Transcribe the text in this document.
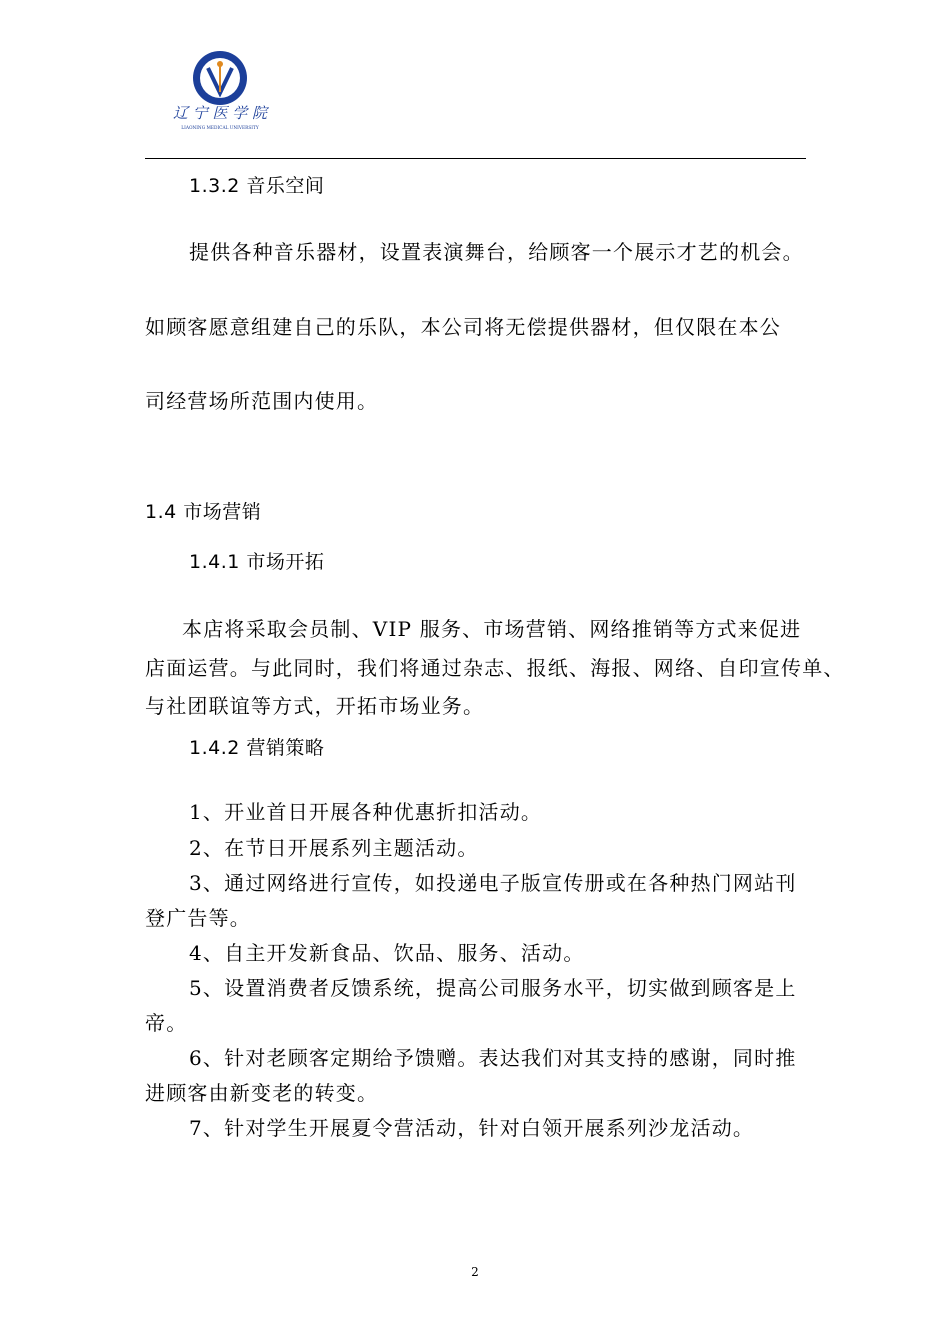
辽 宁 医 学 院
LIAONING MEDICAL UNIVERSITY
1.3.2 音乐空间
提供各种音乐器材，设置表演舞台，给顾客一个展示才艺的机会。
如顾客愿意组建自己的乐队，本公司将无偿提供器材，但仅限在本公
司经营场所范围内使用。
1.4 市场营销
1.4.1 市场开拓
本店将采取会员制、VIP 服务、市场营销、网络推销等方式来促进
店面运营。与此同时，我们将通过杂志、报纸、海报、网络、自印宣传单、
与社团联谊等方式，开拓市场业务。
1.4.2 营销策略
1、开业首日开展各种优惠折扣活动。
2、在节日开展系列主题活动。
3、通过网络进行宣传，如投递电子版宣传册或在各种热门网站刊
登广告等。
4、自主开发新食品、饮品、服务、活动。
5、设置消费者反馈系统，提高公司服务水平，切实做到顾客是上
帝。
6、针对老顾客定期给予馈赠。表达我们对其支持的感谢，同时推
进顾客由新变老的转变。
7、针对学生开展夏令营活动，针对白领开展系列沙龙活动。
2
